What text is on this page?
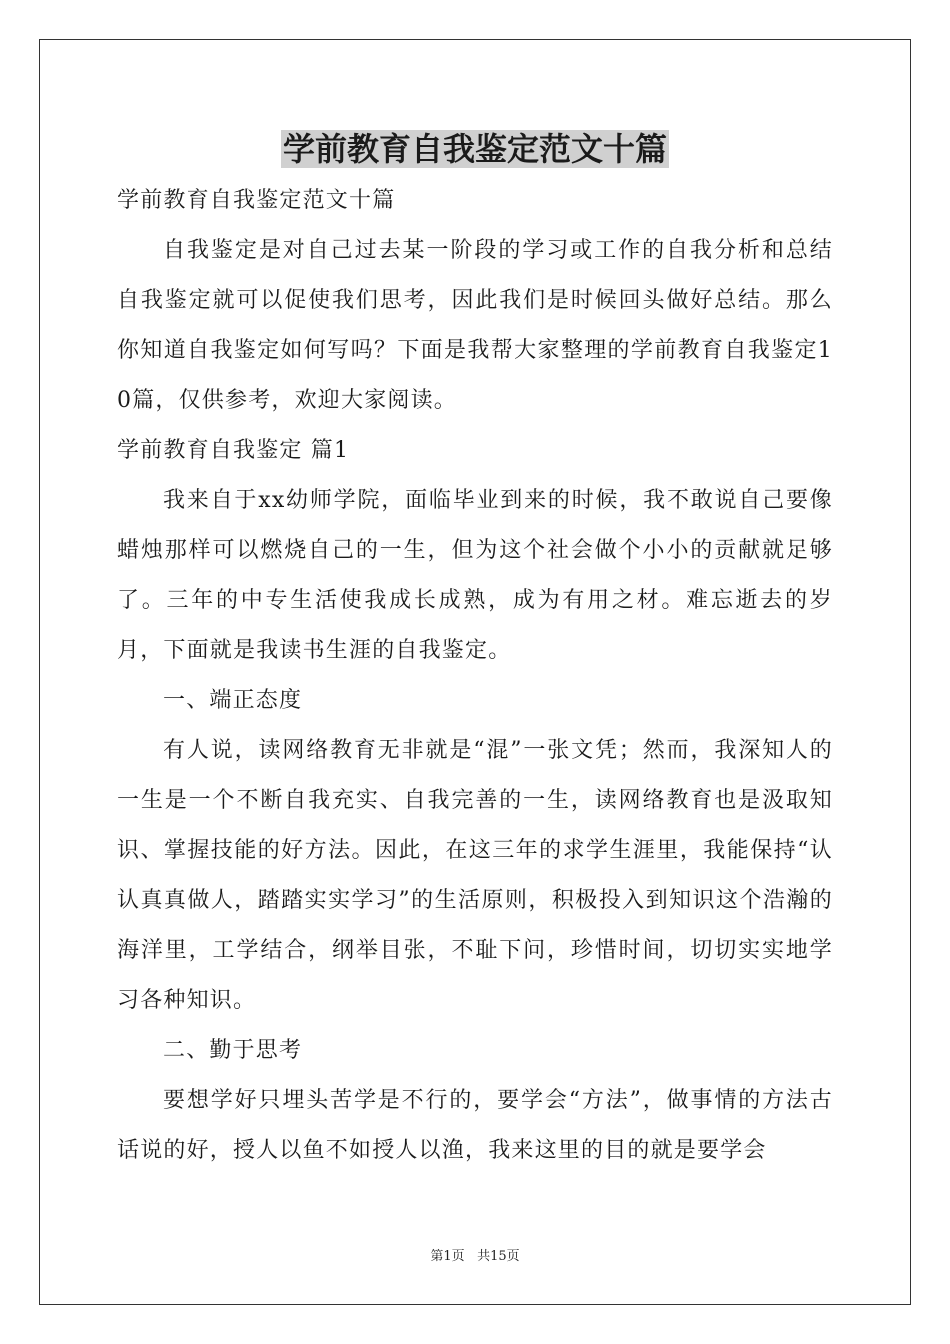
学前教育自我鉴定范文十篇

学前教育自我鉴定范文十篇

自我鉴定是对自己过去某一阶段的学习或工作的自我分析和总结自我鉴定就可以促使我们思考，因此我们是时候回头做好总结。那么你知道自我鉴定如何写吗？下面是我帮大家整理的学前教育自我鉴定10篇，仅供参考，欢迎大家阅读。

学前教育自我鉴定 篇1

我来自于xx幼师学院，面临毕业到来的时候，我不敢说自己要像蜡烛那样可以燃烧自己的一生，但为这个社会做个小小的贡献就足够了。三年的中专生活使我成长成熟，成为有用之材。难忘逝去的岁月，下面就是我读书生涯的自我鉴定。

一、端正态度

有人说，读网络教育无非就是“混”一张文凭；然而，我深知人的一生是一个不断自我充实、自我完善的一生，读网络教育也是汲取知识、掌握技能的好方法。因此，在这三年的求学生涯里，我能保持“认认真真做人，踏踏实实学习”的生活原则，积极投入到知识这个浩瀚的海洋里，工学结合，纲举目张，不耻下问，珍惜时间，切切实实地学习各种知识。

二、勤于思考

要想学好只埋头苦学是不行的，要学会“方法”，做事情的方法古话说的好，授人以鱼不如授人以渔，我来这里的目的就是要学会

第1页 共15页
